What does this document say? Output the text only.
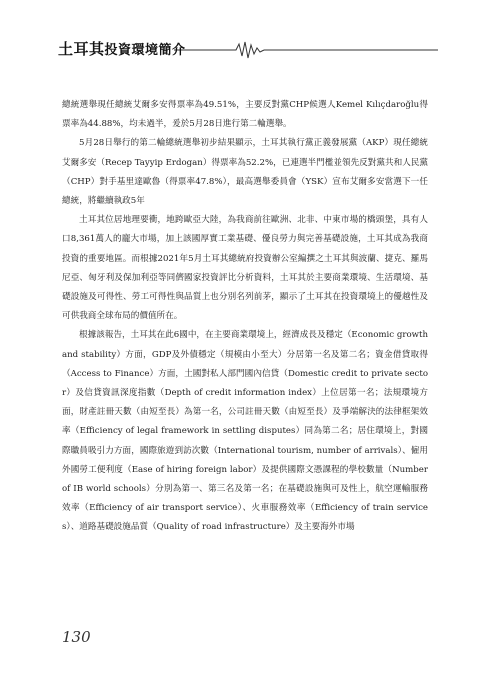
土耳其投資環境簡介

總統選舉現任總統艾爾多安得票率為49.51%，主要反對黨CHP候選人Kemel Kılıçdaroğlu得票率為44.88%，均未過半，爰於5月28日進行第二輪選舉。

5月28日舉行的第二輪總統選舉初步結果顯示，土耳其執行黨正義發展黨（AKP）現任總統艾爾多安（Recep Tayyip Erdogan）得票率為52.2%，已連選半門檻並領先反對黨共和人民黨（CHP）對手基里達歐魯（得票率47.8%），最高選舉委員會（YSK）宣布艾爾多安當選下一任總統，將繼續執政5年

土耳其位居地理要衝，地跨歐亞大陸，為我商前往歐洲、北非、中東市場的橋頭堡，具有人口8,361萬人的龐大市場，加上該國厚實工業基礎、優良勞力與完善基礎設施，土耳其成為我商投資的重要地區。而根據2021年5月土耳其總統府投資辦公室編撰之土耳其與波蘭、捷克、羅馬尼亞、匈牙利及保加利亞等同儕國家投資評比分析資料，土耳其於主要商業環境、生活環境、基礎設施及可得性、勞工可得性與品質上也分別名列前茅，顯示了土耳其在投資環境上的優越性及可供我商全球布局的價值所在。

根據該報告，土耳其在此6國中，在主要商業環境上，經濟成長及穩定（Economic growth and stability）方面，GDP及外債穩定（規模由小至大）分居第一名及第二名；資金借貸取得（Access to Finance）方面，土國對私人部門國內信貸（Domestic credit to private sector）及信貸資訊深度指數（Depth of credit information index）上位居第一名；法規環境方面，財產註冊天數（由短至長）為第一名，公司註冊天數（由短至長）及爭端解決的法律框架效率（Efficiency of legal framework in settling disputes）同為第二名；居住環境上，對國際職員吸引力方面，國際旅遊到訪次數（International tourism, number of arrivals）、僱用外國勞工便利度（Ease of hiring foreign labor）及提供國際文憑課程的學校數量（Number of IB world schools）分別為第一、第三名及第一名；在基礎設施與可及性上，航空運輸服務效率（Efficiency of air transport service）、火車服務效率（Efficiency of train services）、道路基礎設施品質（Quality of road infrastructure）及主要海外市場

130
